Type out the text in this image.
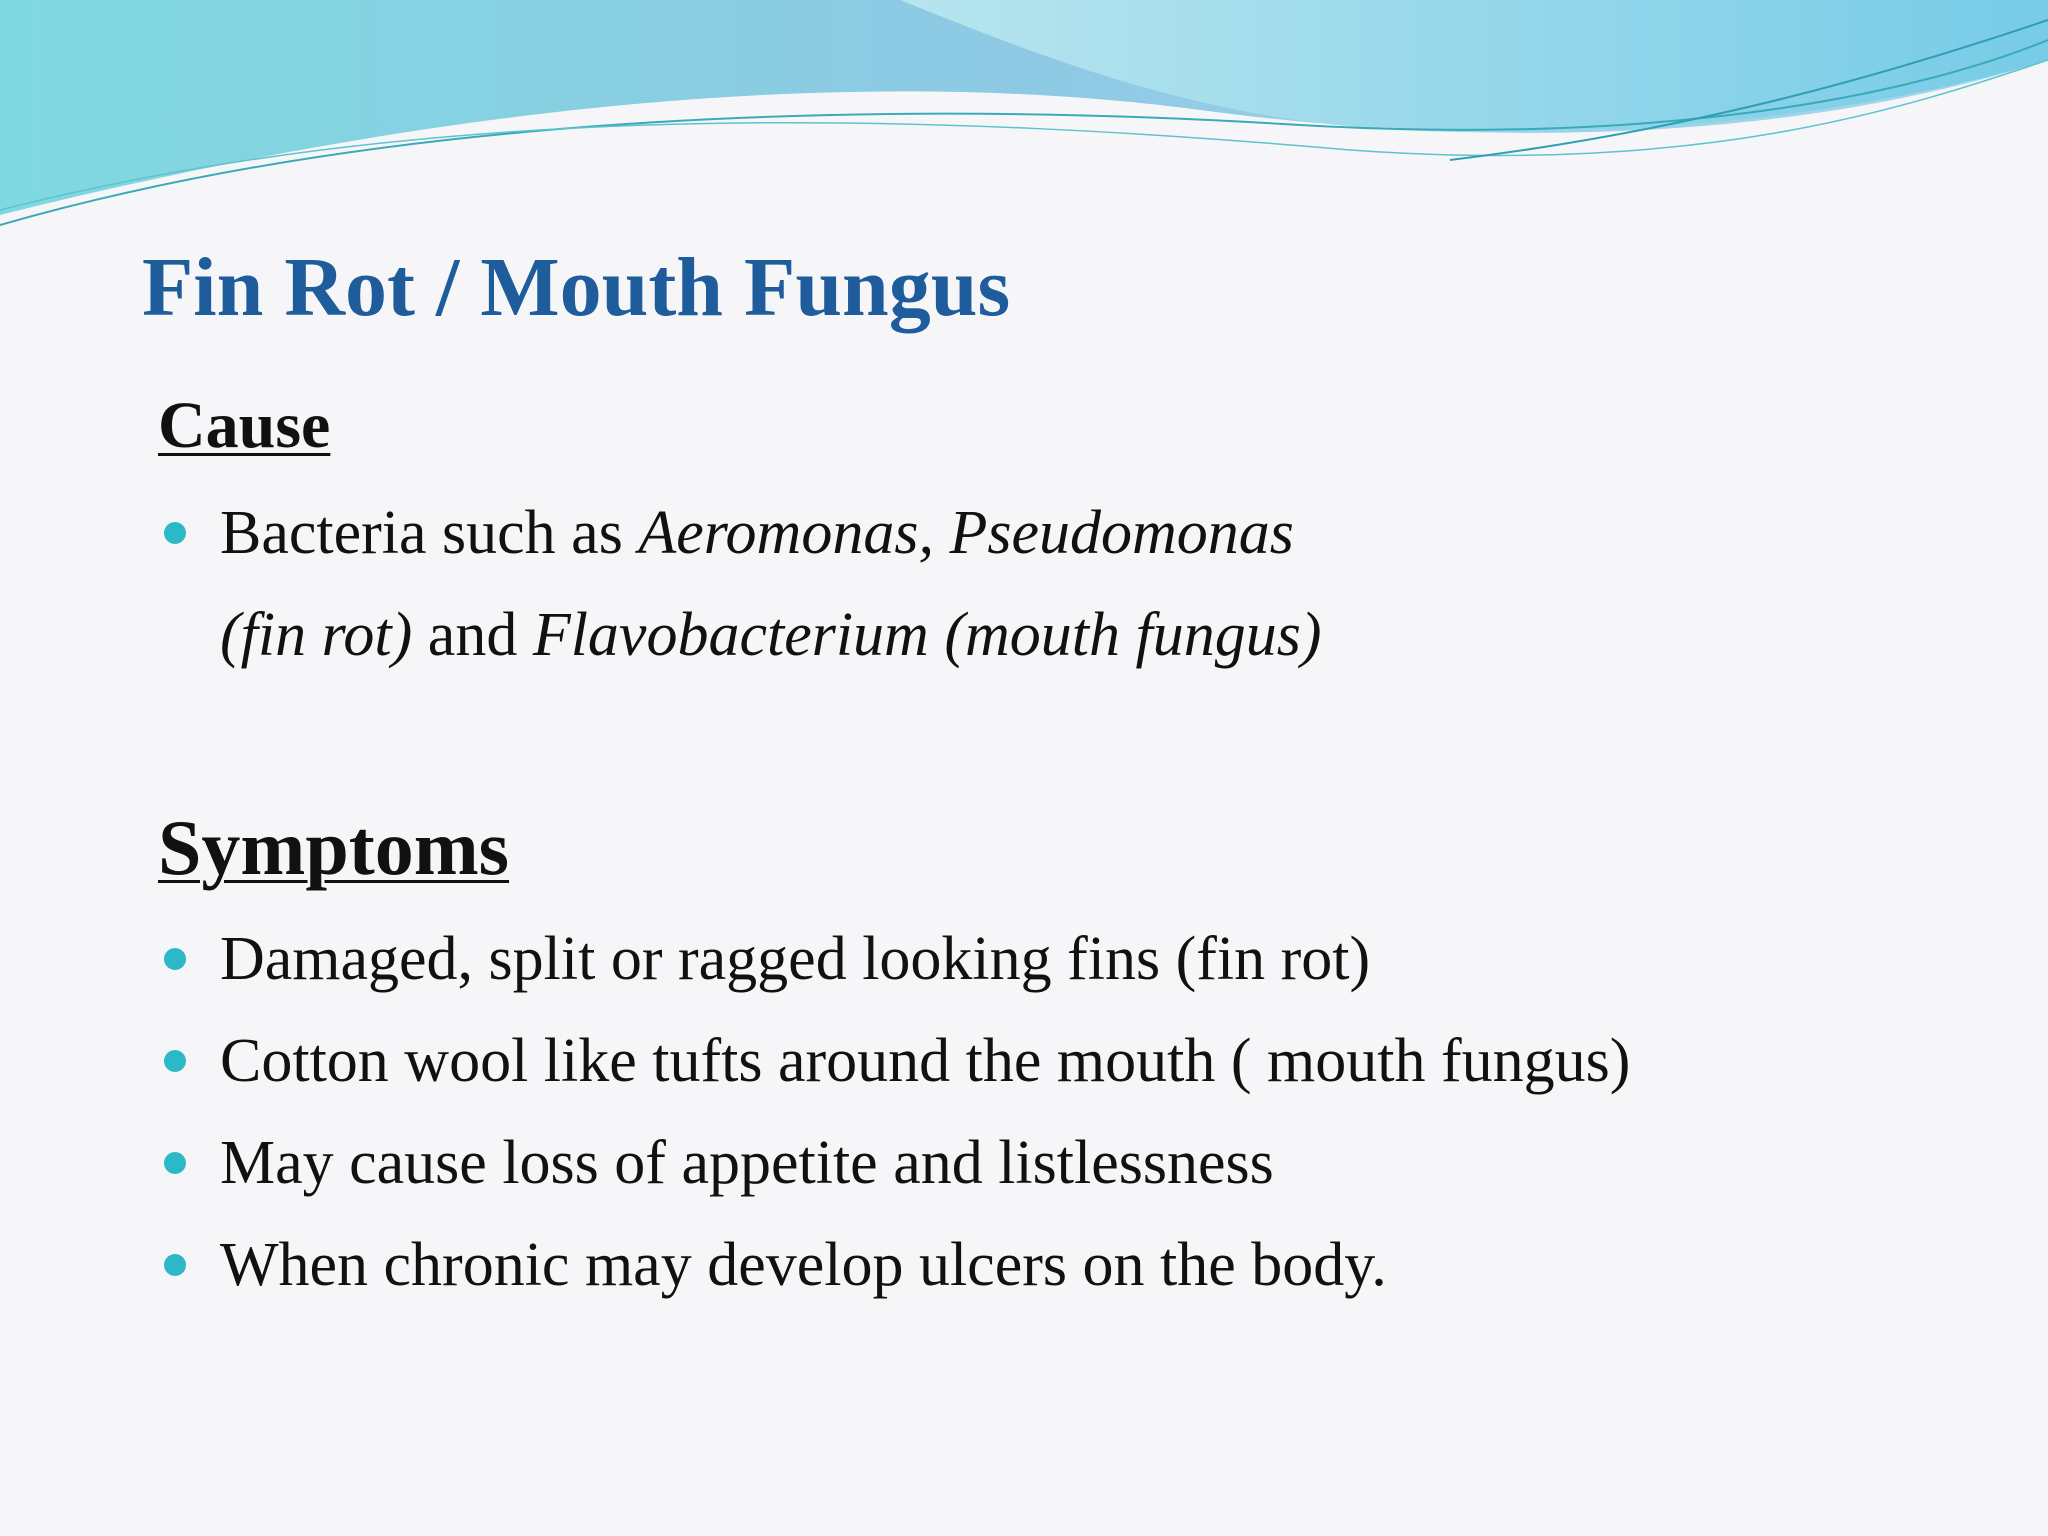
Fin Rot / Mouth Fungus
Cause
Bacteria such as Aeromonas, Pseudomonas
(fin rot) and Flavobacterium (mouth fungus)
Symptoms
Damaged, split or ragged looking fins (fin rot)
Cotton wool like tufts around the mouth ( mouth fungus)
May cause loss of appetite and listlessness
When chronic may develop ulcers on the body.
